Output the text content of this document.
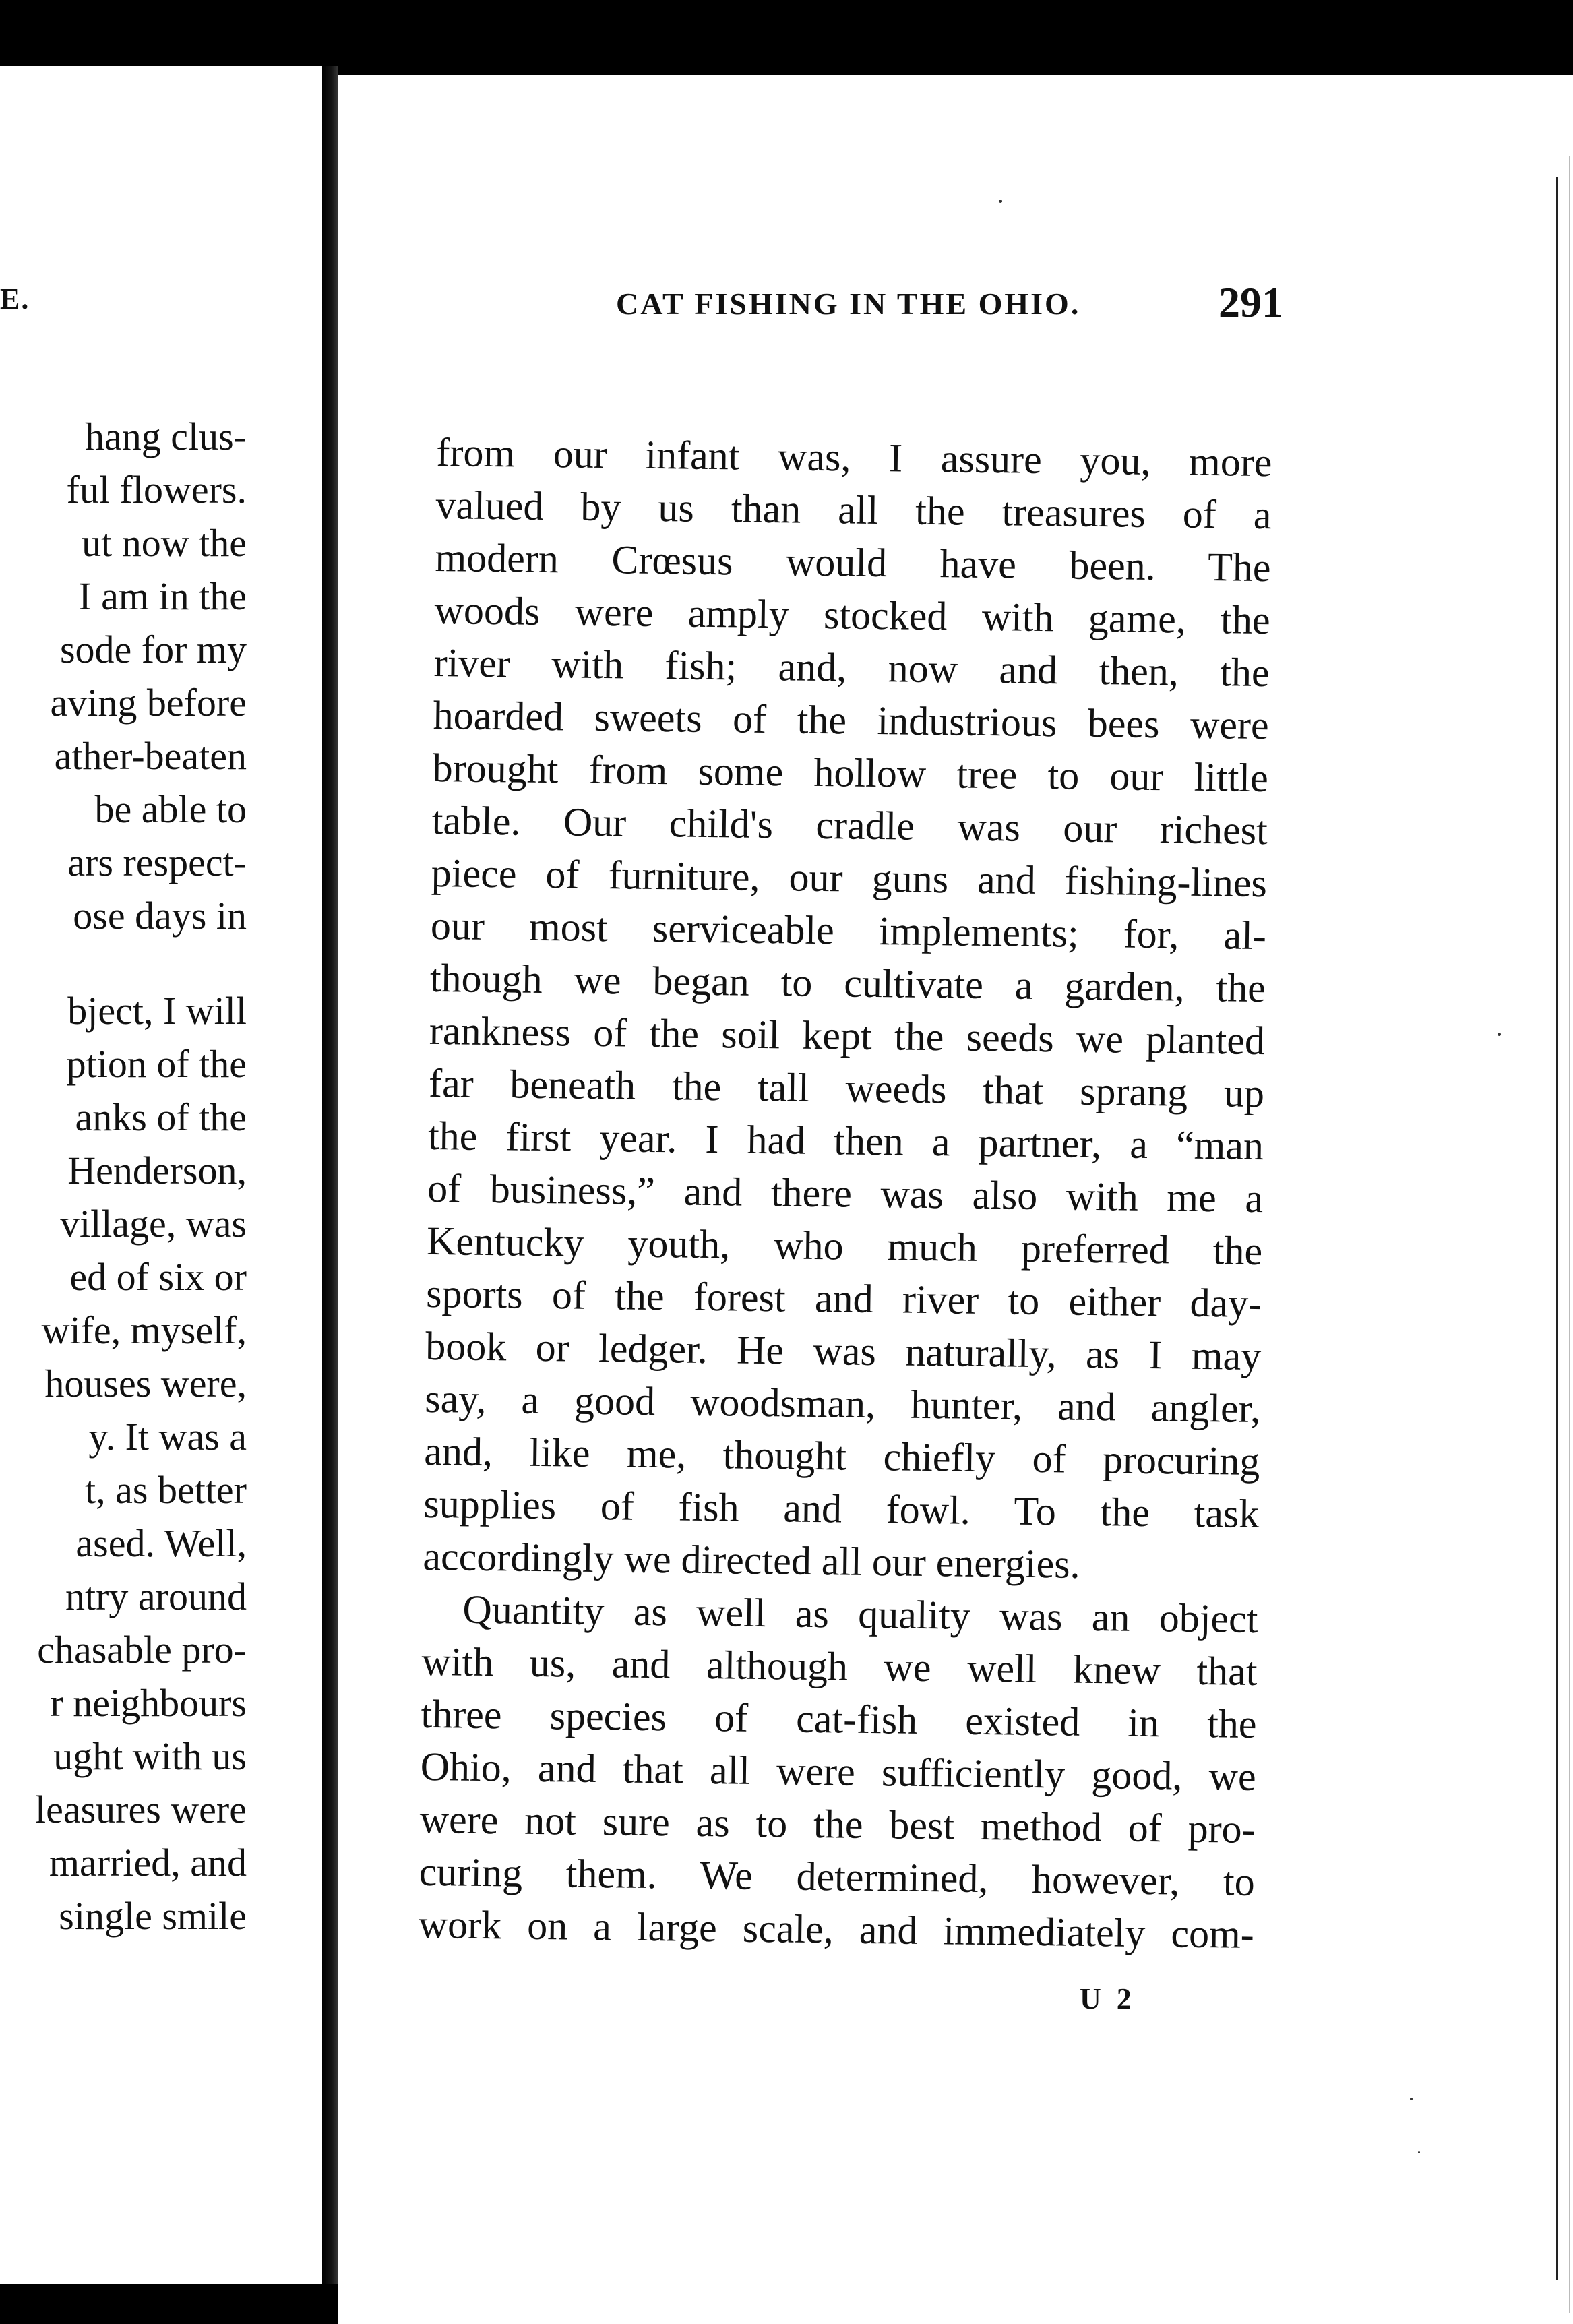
E.
hang clus-
ful flowers.
ut now the
I am in the
sode for my
aving before
ather-beaten
be able to
ars respect-
ose days in
bject, I will
ption of the
anks of the
Henderson,
village, was
ed of six or
wife, myself,
houses were,
y. It was a
t, as better
ased. Well,
ntry around
chasable pro-
r neighbours
ught with us
leasures were
married, and
single smile
CAT FISHING IN THE OHIO.	291
from our infant was, I assure you, more
valued by us than all the treasures of a
modern Crœsus would have been. The
woods were amply stocked with game, the
river with fish; and, now and then, the
hoarded sweets of the industrious bees were
brought from some hollow tree to our little
table. Our child's cradle was our richest
piece of furniture, our guns and fishing-lines
our most serviceable implements; for, al-
though we began to cultivate a garden, the
rankness of the soil kept the seeds we planted
far beneath the tall weeds that sprang up
the first year. I had then a partner, a “man
of business,” and there was also with me a
Kentucky youth, who much preferred the
sports of the forest and river to either day-
book or ledger. He was naturally, as I may
say, a good woodsman, hunter, and angler,
and, like me, thought chiefly of procuring
supplies of fish and fowl. To the task
accordingly we directed all our energies.
Quantity as well as quality was an object
with us, and although we well knew that
three species of cat-fish existed in the
Ohio, and that all were sufficiently good, we
were not sure as to the best method of pro-
curing them. We determined, however, to
work on a large scale, and immediately com-
U 2
